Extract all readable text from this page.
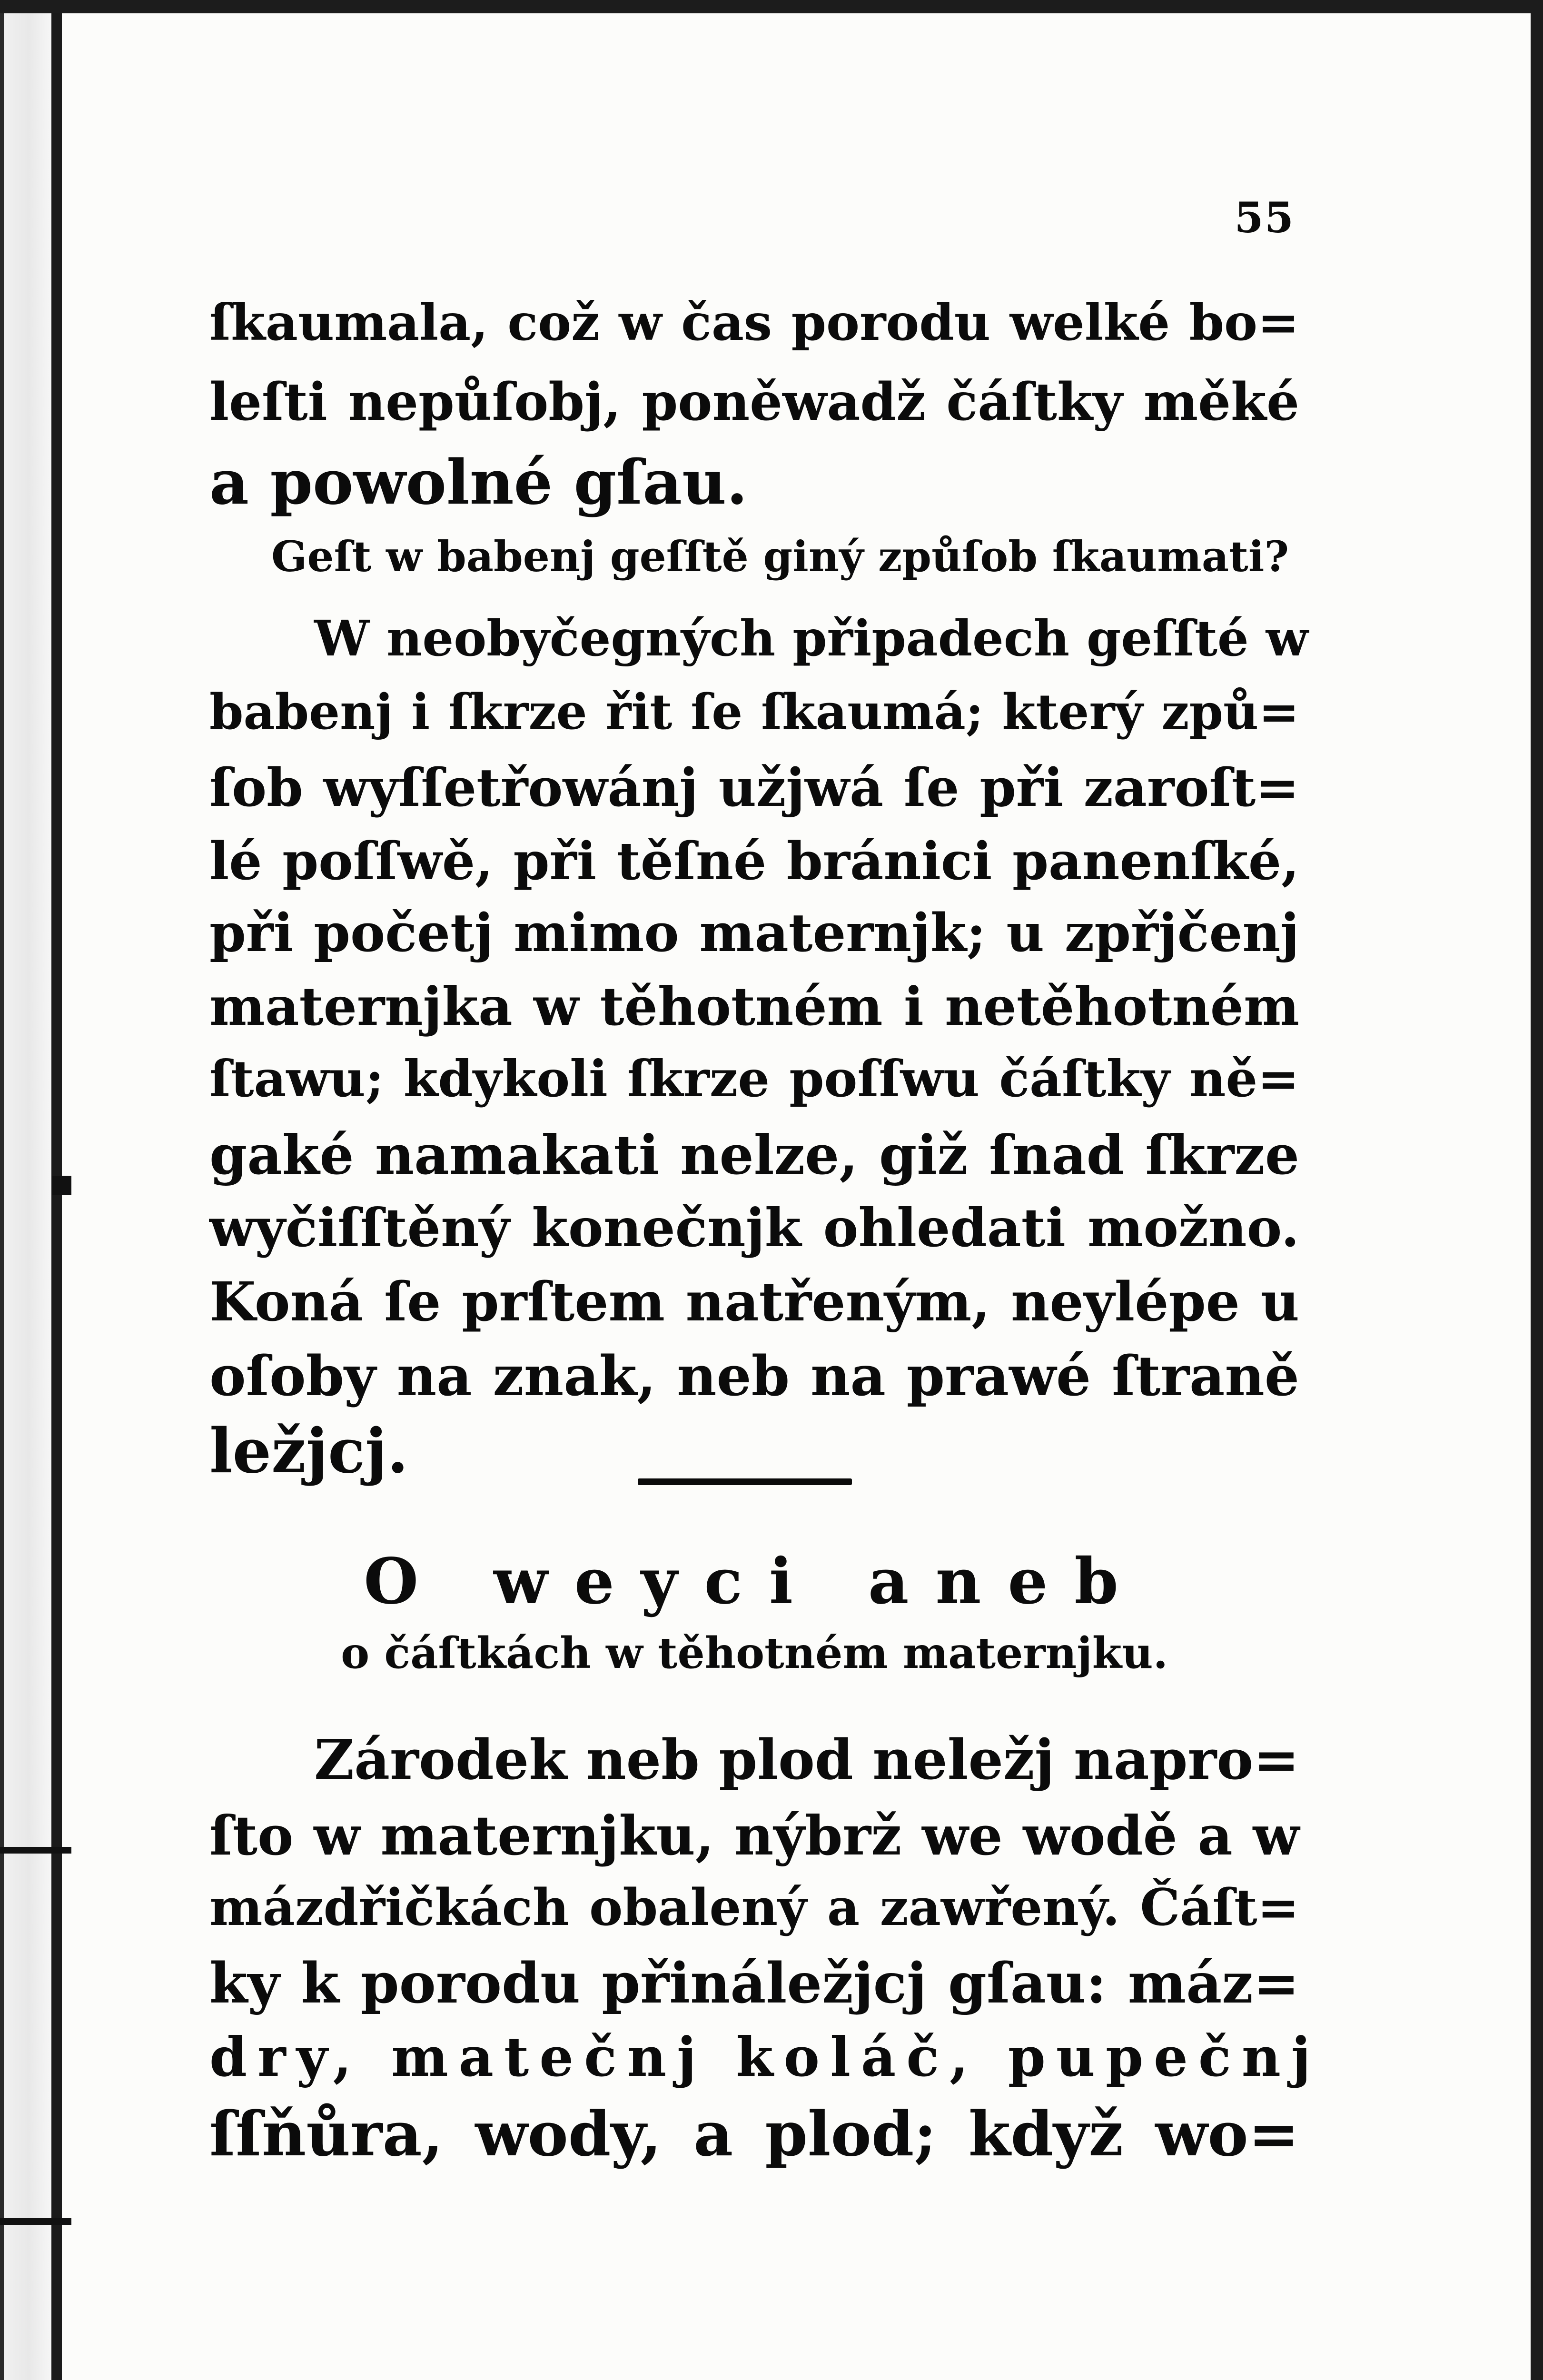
55
ſkaumala, což w čas porodu welké bo=
leſti nepůſobj, poněwadž čáſtky měké
a powolné gſau.
Geſt w babenj geſſtě giný způſob ſkaumati?
W neobyčegných připadech geſſté w
babenj i ſkrze řit ſe ſkaumá; který způ=
ſob wyſſetřowánj užjwá ſe při zaroſt=
lé poſſwě, při těſné bránici panenſké,
při početj mimo maternjk; u zpřjčenj
maternjka w těhotném i netěhotném
ſtawu; kdykoli ſkrze poſſwu čáſtky ně=
gaké namakati nelze, giž ſnad ſkrze
wyčiſſtěný konečnjk ohledati možno.
Koná ſe prſtem natřeným, neylépe u
oſoby na znak, neb na prawé ſtraně
ležjcj.
O weyci aneb
o čáſtkách w těhotném maternjku.
Zárodek neb plod neležj napro=
ſto w maternjku, nýbrž we wodě a w
mázdřičkách obalený a zawřený. Čáſt=
ky k porodu přináležjcj gſau: máz=
dry, matečnj koláč, pupečnj
ſſňůra, wody, a plod; když wo=
